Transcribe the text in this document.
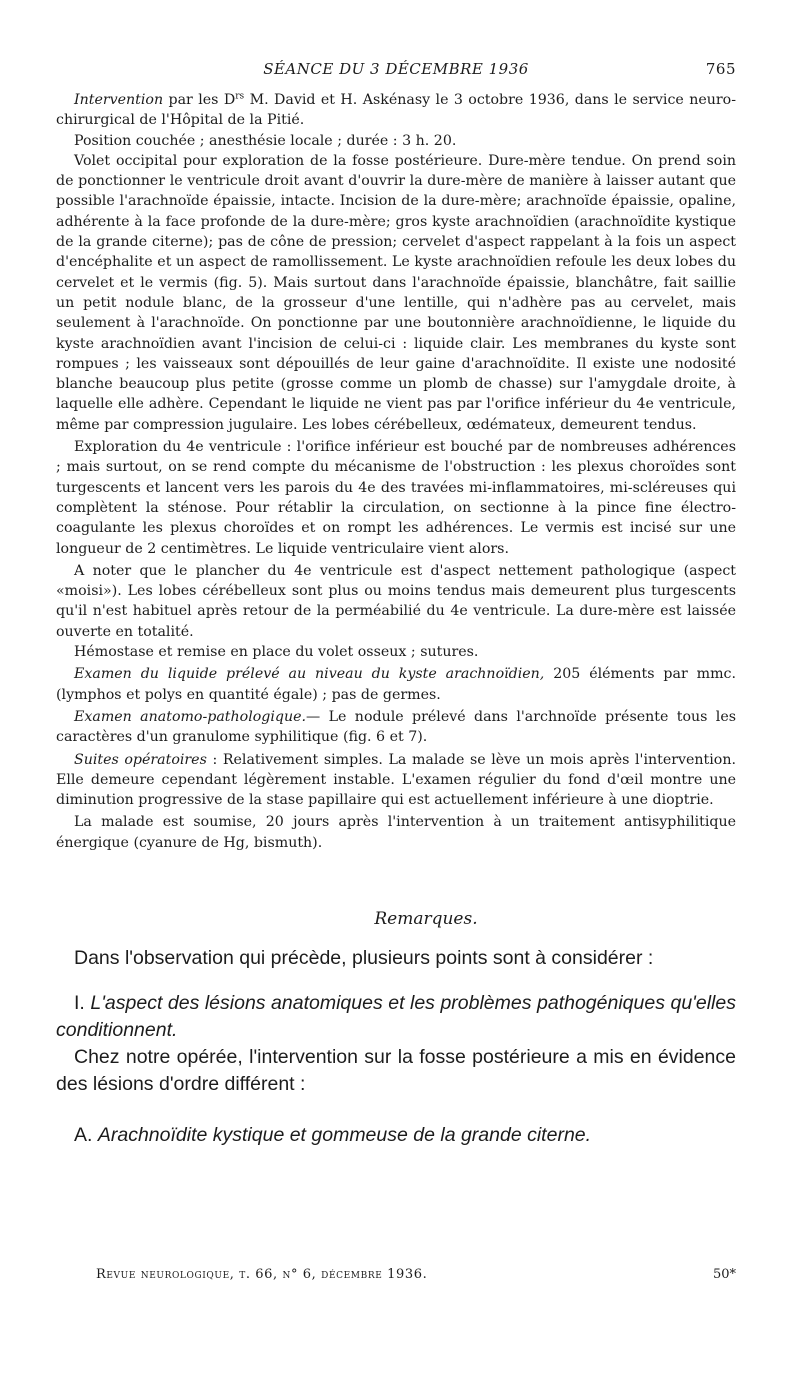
SÉANCE DU 3 DÉCEMBRE 1936	765

Intervention par les $D^{rs}$ M. David et H. Askénasy le 3 octobre 1936, dans le service neuro-chirurgical de l'Hôpital de la Pitié.

Position couchée ; anesthésie locale ; durée : 3 h. 20.

Volet occipital pour exploration de la fosse postérieure. Dure-mère tendue. On prend soin de ponctionner le ventricule droit avant d'ouvrir la dure-mère de manière à laisser autant que possible l'arachnoïde épaissie, intacte. Incision de la dure-mère; arachnoïde épaissie, opaline, adhérente à la face profonde de la dure-mère; gros kyste arachnoïdien (arachnoïdite kystique de la grande citerne); pas de cône de pression; cervelet d'aspect rappelant à la fois un aspect d'encéphalite et un aspect de ramollissement. Le kyste arachnoïdien refoule les deux lobes du cervelet et le vermis (fig. 5). Mais surtout dans l'arachnoïde épaissie, blanchâtre, fait saillie un petit nodule blanc, de la grosseur d'une lentille, qui n'adhère pas au cervelet, mais seulement à l'arachnoïde. On ponctionne par une boutonnière arachnoïdienne, le liquide du kyste arachnoïdien avant l'incision de celui-ci : liquide clair. Les membranes du kyste sont rompues ; les vaisseaux sont dépouillés de leur gaine d'arachnoïdite. Il existe une nodosité blanche beaucoup plus petite (grosse comme un plomb de chasse) sur l'amygdale droite, à laquelle elle adhère. Cependant le liquide ne vient pas par l'orifice inférieur du 4e ventricule, même par compression jugulaire. Les lobes cérébelleux, œdémateux, demeurent tendus.

Exploration du 4e ventricule : l'orifice inférieur est bouché par de nombreuses adhérences ; mais surtout, on se rend compte du mécanisme de l'obstruction : les plexus choroïdes sont turgescents et lancent vers les parois du 4e des travées mi-inflammatoires, mi-scléreuses qui complètent la sténose. Pour rétablir la circulation, on sectionne à la pince fine électro-coagulante les plexus choroïdes et on rompt les adhérences. Le vermis est incisé sur une longueur de 2 centimètres. Le liquide ventriculaire vient alors.

A noter que le plancher du 4e ventricule est d'aspect nettement pathologique (aspect «moisi»). Les lobes cérébelleux sont plus ou moins tendus mais demeurent plus turgescents qu'il n'est habituel après retour de la perméabilié du 4e ventricule. La dure-mère est laissée ouverte en totalité.

Hémostase et remise en place du volet osseux ; sutures.

Examen du liquide prélevé au niveau du kyste arachnoïdien, 205 éléments par mmc. (lymphos et polys en quantité égale) ; pas de germes.

Examen anatomo-pathologique.— Le nodule prélevé dans l'archnoïde présente tous les caractères d'un granulome syphilitique (fig. 6 et 7).

Suites opératoires : Relativement simples. La malade se lève un mois après l'intervention. Elle demeure cependant légèrement instable. L'examen régulier du fond d'œil montre une diminution progressive de la stase papillaire qui est actuellement inférieure à une dioptrie.

La malade est soumise, 20 jours après l'intervention à un traitement antisyphilitique énergique (cyanure de Hg, bismuth).

Remarques.

Dans l'observation qui précède, plusieurs points sont à considérer :

I. L'aspect des lésions anatomiques et les problèmes pathogéniques qu'elles conditionnent.

Chez notre opérée, l'intervention sur la fosse postérieure a mis en évidence des lésions d'ordre différent :

A. Arachnoïdite kystique et gommeuse de la grande citerne.

Revue neurologique, t. 66, n° 6, décembre 1936.	50*
